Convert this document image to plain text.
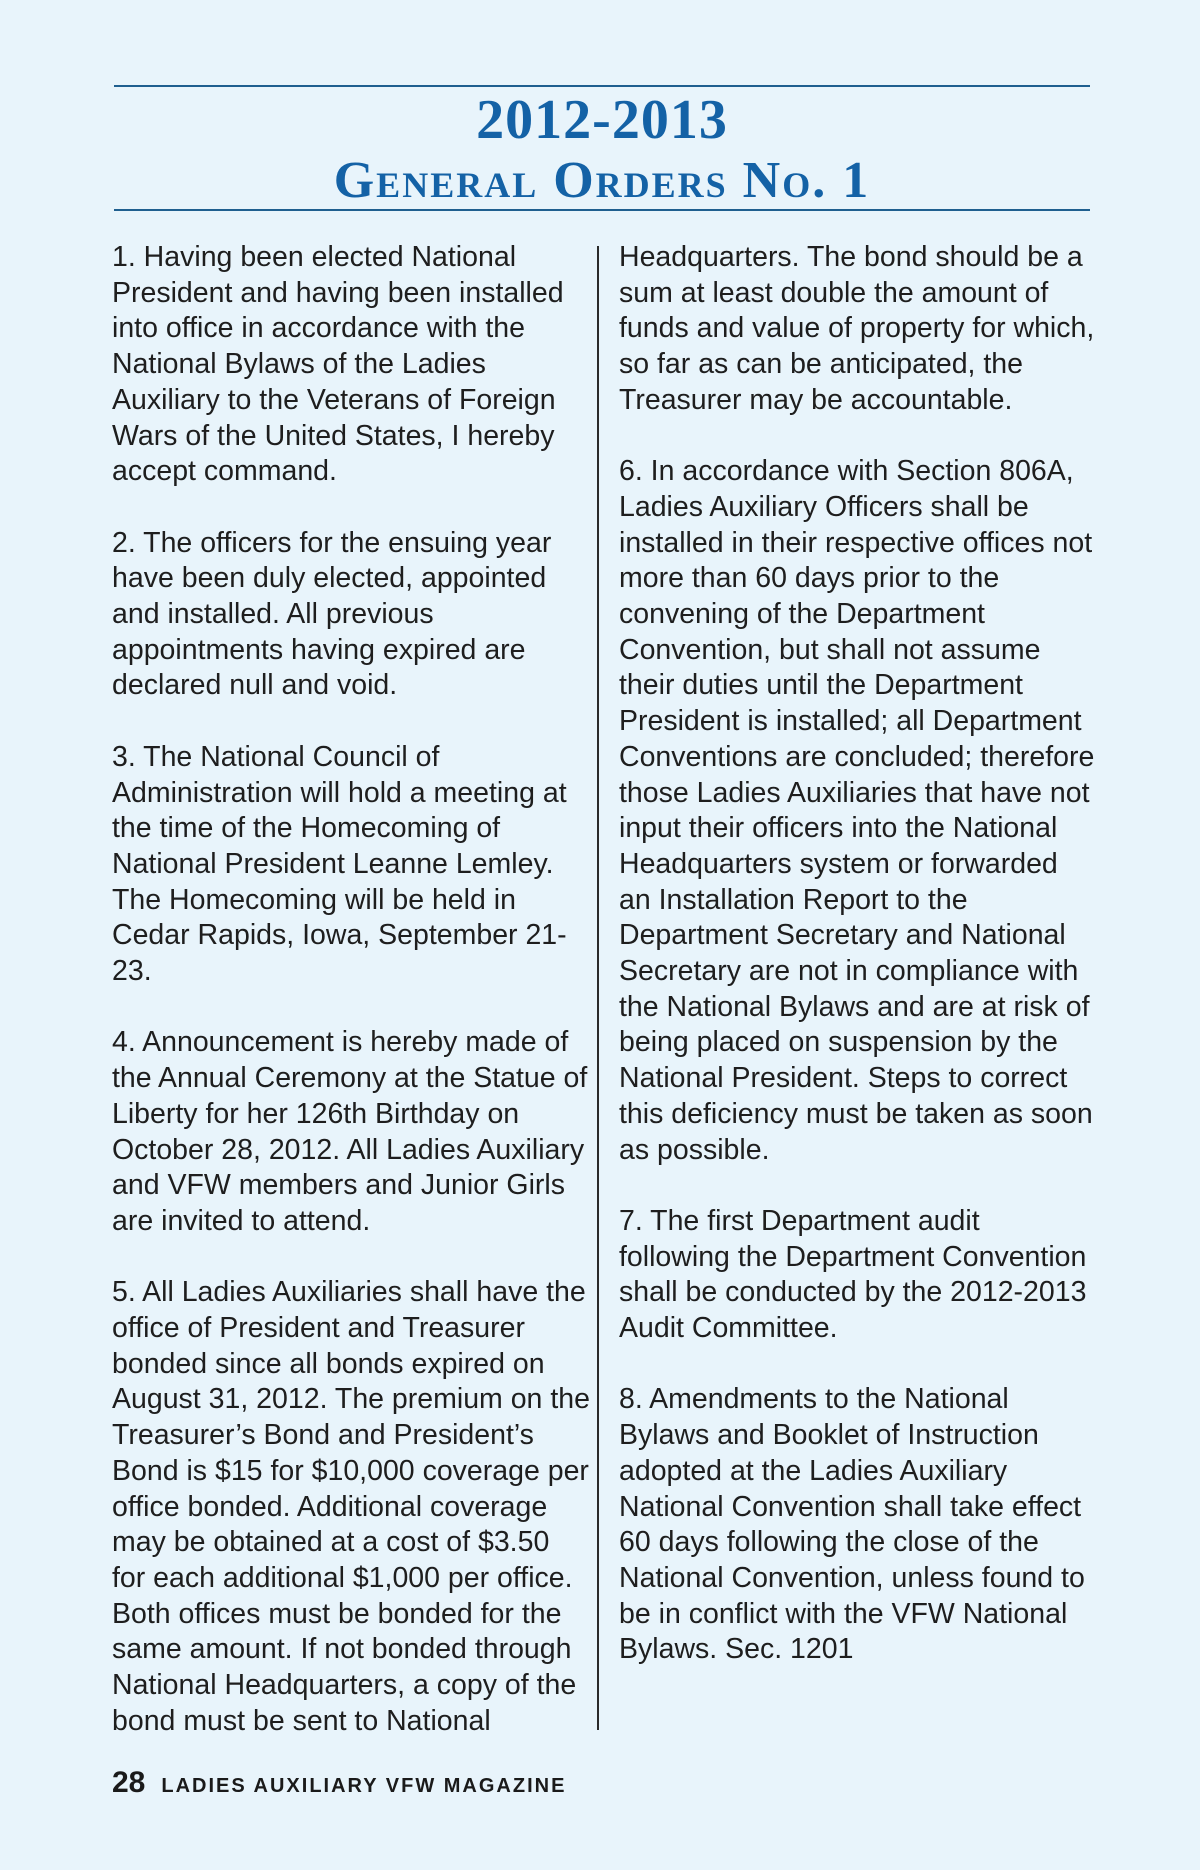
2012-2013
General Orders No. 1

1. Having been elected National President and having been installed into office in accordance with the National Bylaws of the Ladies Auxiliary to the Veterans of Foreign Wars of the United States, I hereby accept command.

2. The officers for the ensuing year have been duly elected, appointed and installed. All previous appointments having expired are declared null and void.

3. The National Council of Administration will hold a meeting at the time of the Homecoming of National President Leanne Lemley. The Homecoming will be held in Cedar Rapids, Iowa, September 21-23.

4. Announcement is hereby made of the Annual Ceremony at the Statue of Liberty for her 126th Birthday on October 28, 2012. All Ladies Auxiliary and VFW members and Junior Girls are invited to attend.

5. All Ladies Auxiliaries shall have the office of President and Treasurer bonded since all bonds expired on August 31, 2012. The premium on the Treasurer’s Bond and President’s Bond is $15 for $10,000 coverage per office bonded. Additional coverage may be obtained at a cost of $3.50 for each additional $1,000 per office. Both offices must be bonded for the same amount. If not bonded through National Headquarters, a copy of the bond must be sent to National

Headquarters. The bond should be a sum at least double the amount of funds and value of property for which, so far as can be anticipated, the Treasurer may be accountable.

6. In accordance with Section 806A, Ladies Auxiliary Officers shall be installed in their respective offices not more than 60 days prior to the convening of the Department Convention, but shall not assume their duties until the Department President is installed; all Department Conventions are concluded; therefore those Ladies Auxiliaries that have not input their officers into the National Headquarters system or forwarded an Installation Report to the Department Secretary and National Secretary are not in compliance with the National Bylaws and are at risk of being placed on suspension by the National President. Steps to correct this deficiency must be taken as soon as possible.

7. The first Department audit following the Department Convention shall be conducted by the 2012-2013 Audit Committee.

8. Amendments to the National Bylaws and Booklet of Instruction adopted at the Ladies Auxiliary National Convention shall take effect 60 days following the close of the National Convention, unless found to be in conflict with the VFW National Bylaws. Sec. 1201

28 LADIES AUXILIARY VFW MAGAZINE
